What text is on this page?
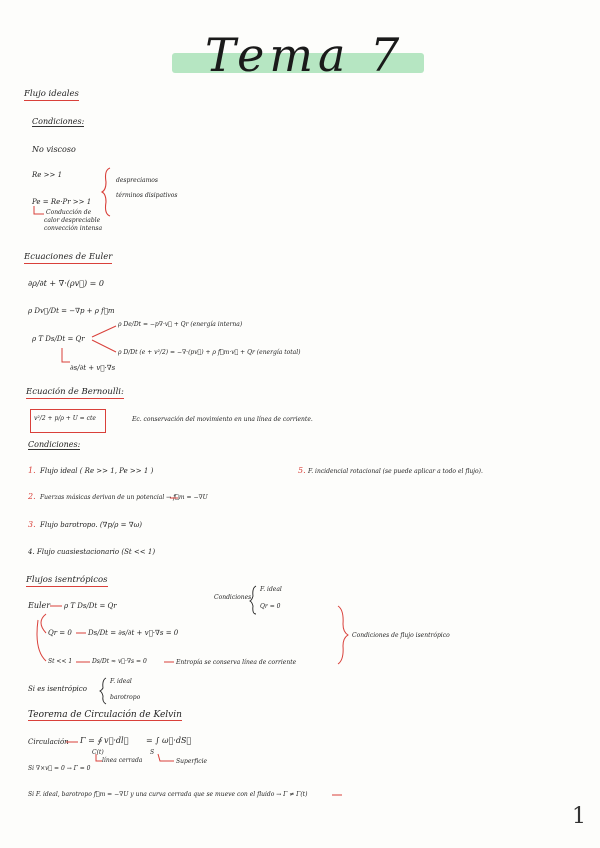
Tema 7
Flujo ideales
Condiciones:
No viscoso
Re >> 1
Pe = Re·Pr >> 1
despreciamos
términos disipativos
Conducción de
calor despreciable
convección intensa
Ecuaciones de Euler
∂ρ/∂t + ∇·(ρv⃗) = 0
ρ Dv⃗/Dt = −∇p + ρ f⃗m
ρ T Ds/Dt = Qr
ρ De/Dt = −p∇·v⃗ + Qr (energía interna)
ρ D/Dt (e + v²/2) = −∇·(pv⃗) + ρ f⃗m·v⃗ + Qr (energía total)
∂s/∂t + v⃗·∇s
Ecuación de Bernoulli:
v²/2 + p/ρ + U = cte	Ec. conservación del movimiento en una línea de corriente.
Condiciones:
1. Flujo ideal ( Re >> 1, Pe >> 1 )	5. F. incidencial rotacional (se puede aplicar a todo el flujo).
2. Fuerzas másicas derivan de un potencial → f⃗m = −∇U
3. Flujo barotropo. (∇p/ρ = ∇ω)
4. Flujo cuasiestacionario (St << 1)
Flujos isentrópicos
Condiciones
F. ideal
Qr = 0
Euler ρ T Ds/Dt = Qr
Qr = 0 Ds/Dt = ∂s/∂t + v⃗·∇s = 0
St << 1	Ds/Dt ≈ v⃗·∇s = 0	Entropía se conserva línea de corriente
Condiciones de flujo isentrópico
Si es isentrópico
F. ideal
barotropo
Teorema de Circulación de Kelvin
Circulación Γ = ∮ v⃗·dl⃗ = ∫ ω⃗·dS⃗
C(t)	S
línea cerrada	Superficie
Si ∇×v⃗ = 0 → Γ = 0
Si F. ideal, barotropo f⃗m = −∇U y una curva cerrada que se mueve con el fluido → Γ ≠ Γ(t)
1
